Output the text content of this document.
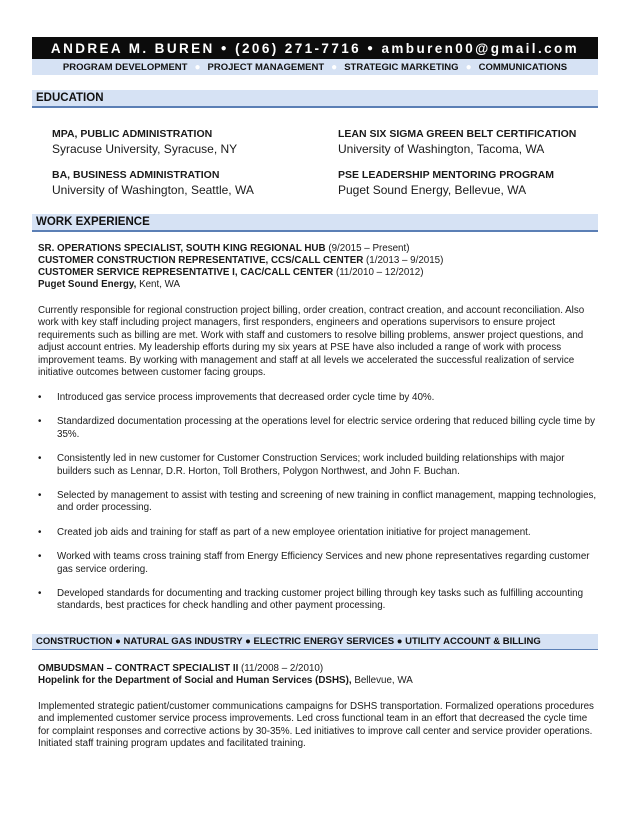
ANDREA M. BUREN ● (206) 271-7716 ● amburen00@gmail.com
PROGRAM DEVELOPMENT ● PROJECT MANAGEMENT ● STRATEGIC MARKETING ● COMMUNICATIONS
EDUCATION
MPA, PUBLIC ADMINISTRATION
Syracuse University, Syracuse, NY
BA, BUSINESS ADMINISTRATION
University of Washington, Seattle, WA
LEAN SIX SIGMA GREEN BELT CERTIFICATION
University of Washington, Tacoma, WA
PSE LEADERSHIP MENTORING PROGRAM
Puget Sound Energy, Bellevue, WA
WORK EXPERIENCE
SR. OPERATIONS SPECIALIST, SOUTH KING REGIONAL HUB (9/2015 – Present)
CUSTOMER CONSTRUCTION REPRESENTATIVE, CCS/CALL CENTER (1/2013 – 9/2015)
CUSTOMER SERVICE REPRESENTATIVE I, CAC/CALL CENTER (11/2010 – 12/2012)
Puget Sound Energy, Kent, WA
Currently responsible for regional construction project billing, order creation, contract creation, and account reconciliation. Also work with key staff including project managers, first responders, engineers and operations supervisors to ensure project requirements such as billing are met. Work with staff and customers to resolve billing problems, answer project questions, and adjust account entries. My leadership efforts during my six years at PSE have also included a range of work with process improvement teams. By working with management and staff at all levels we accelerated the successful realization of service initiative outcomes between customer facing groups.
• Introduced gas service process improvements that decreased order cycle time by 40%.
• Standardized documentation processing at the operations level for electric service ordering that reduced billing cycle time by 35%.
• Consistently led in new customer for Customer Construction Services; work included building relationships with major builders such as Lennar, D.R. Horton, Toll Brothers, Polygon Northwest, and John F. Buchan.
• Selected by management to assist with testing and screening of new training in conflict management, mapping technologies, and order processing.
• Created job aids and training for staff as part of a new employee orientation initiative for project management.
• Worked with teams cross training staff from Energy Efficiency Services and new phone representatives regarding customer gas service ordering.
• Developed standards for documenting and tracking customer project billing through key tasks such as fulfilling accounting standards, best practices for check handling and other payment processing.
CONSTRUCTION ● NATURAL GAS INDUSTRY ● ELECTRIC ENERGY SERVICES ● UTILITY ACCOUNT & BILLING
OMBUDSMAN – CONTRACT SPECIALIST II (11/2008 – 2/2010)
Hopelink for the Department of Social and Human Services (DSHS), Bellevue, WA
Implemented strategic patient/customer communications campaigns for DSHS transportation. Formalized operations procedures and implemented customer service process improvements. Led cross functional team in an effort that decreased the cycle time for complaint responses and corrective actions by 30-35%. Led initiatives to improve call center and service provider operations. Initiated staff training program updates and facilitated training.
